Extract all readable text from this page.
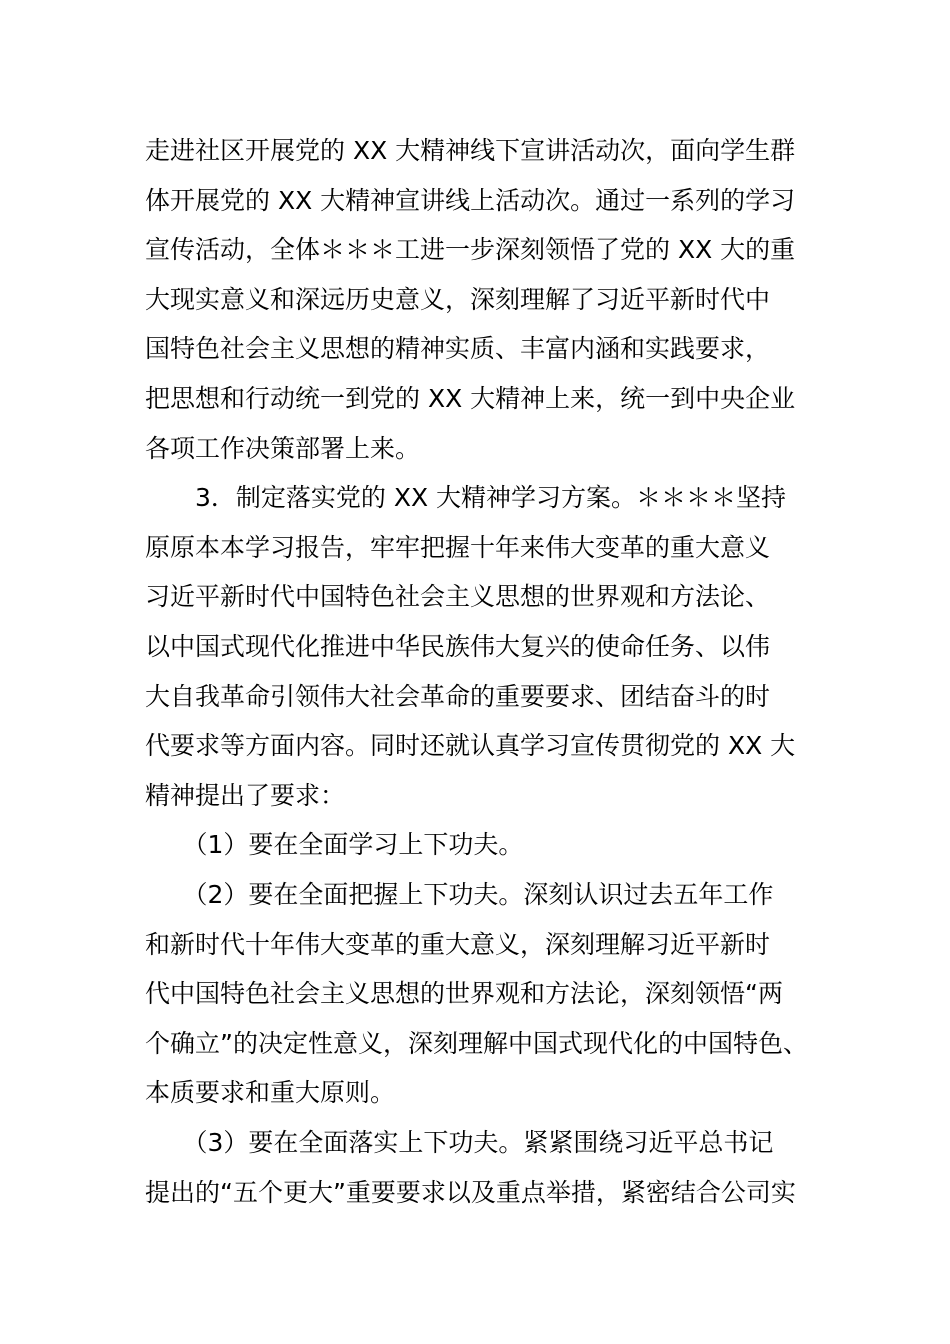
走进社区开展党的 XX 大精神线下宣讲活动次，面向学生群
体开展党的 XX 大精神宣讲线上活动次。通过一系列的学习
宣传活动，全体＊＊＊工进一步深刻领悟了党的 XX 大的重
大现实意义和深远历史意义，深刻理解了习近平新时代中
国特色社会主义思想的精神实质、丰富内涵和实践要求，
把思想和行动统一到党的 XX 大精神上来，统一到中央企业
各项工作决策部署上来。
　　3．制定落实党的 XX 大精神学习方案。＊＊＊＊坚持
原原本本学习报告，牢牢把握十年来伟大变革的重大意义
习近平新时代中国特色社会主义思想的世界观和方法论、
以中国式现代化推进中华民族伟大复兴的使命任务、以伟
大自我革命引领伟大社会革命的重要要求、团结奋斗的时
代要求等方面内容。同时还就认真学习宣传贯彻党的 XX 大
精神提出了要求：
　　（1）要在全面学习上下功夫。
　　（2）要在全面把握上下功夫。深刻认识过去五年工作
和新时代十年伟大变革的重大意义，深刻理解习近平新时
代中国特色社会主义思想的世界观和方法论，深刻领悟“两
个确立”的决定性意义，深刻理解中国式现代化的中国特色、
本质要求和重大原则。
　　（3）要在全面落实上下功夫。紧紧围绕习近平总书记
提出的“五个更大”重要要求以及重点举措，紧密结合公司实
